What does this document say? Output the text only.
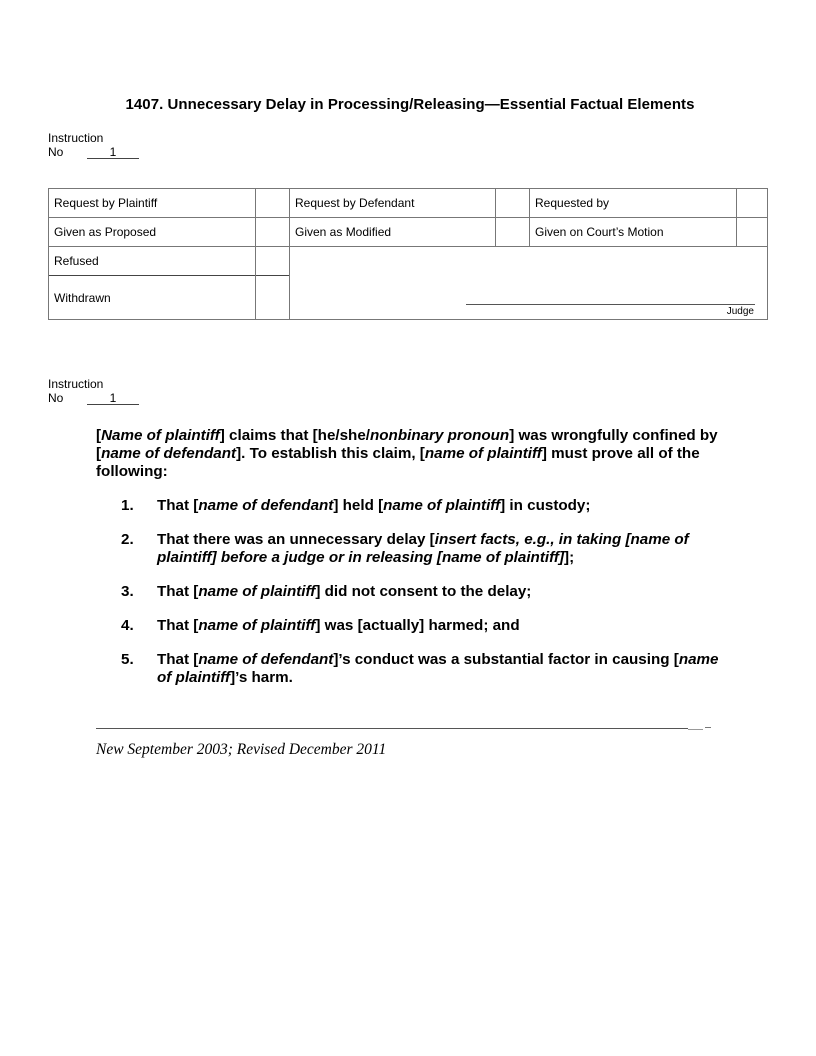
1407. Unnecessary Delay in Processing/Releasing—Essential Factual Elements
Instruction
No	1
Request by Plaintiff	Request by Defendant	Requested by
Given as Proposed	Given as Modified	Given on Court’s Motion
Refused
Withdrawn
Judge
Instruction
No	1
[Name of plaintiff] claims that [he/she/nonbinary pronoun] was wrongfully confined by [name of defendant]. To establish this claim, [name of plaintiff] must prove all of the following:
1. That [name of defendant] held [name of plaintiff] in custody;
2. That there was an unnecessary delay [insert facts, e.g., in taking [name of plaintiff] before a judge or in releasing [name of plaintiff]];
3. That [name of plaintiff] did not consent to the delay;
4. That [name of plaintiff] was [actually] harmed; and
5. That [name of defendant]’s conduct was a substantial factor in causing [name of plaintiff]’s harm.
New September 2003; Revised December 2011
